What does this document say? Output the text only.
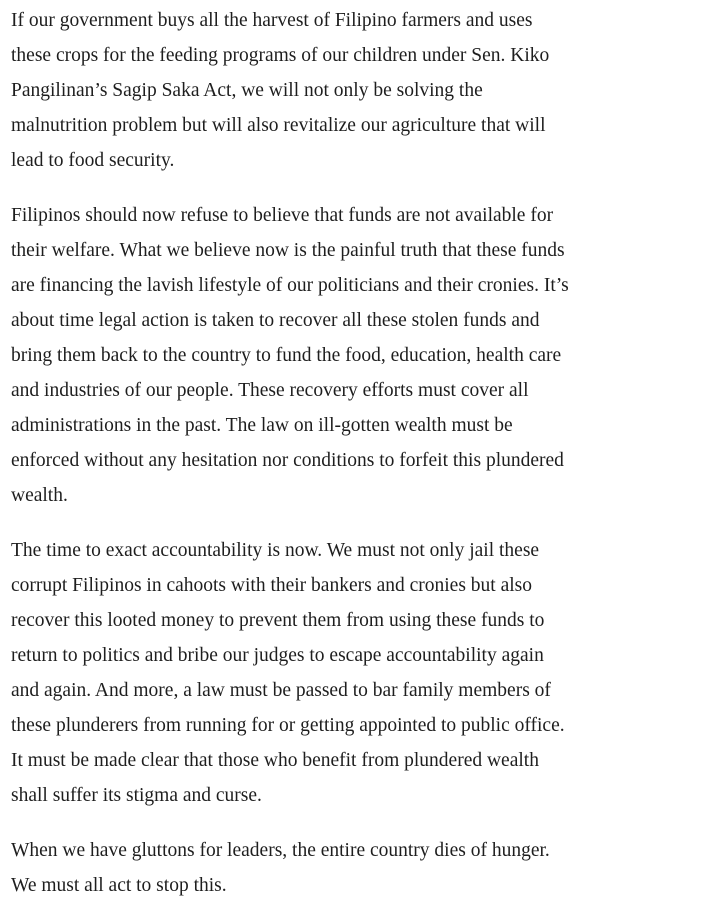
If our government buys all the harvest of Filipino farmers and uses
these crops for the feeding programs of our children under Sen. Kiko
Pangilinan’s Sagip Saka Act, we will not only be solving the
malnutrition problem but will also revitalize our agriculture that will
lead to food security.

Filipinos should now refuse to believe that funds are not available for
their welfare. What we believe now is the painful truth that these funds
are financing the lavish lifestyle of our politicians and their cronies. It’s
about time legal action is taken to recover all these stolen funds and
bring them back to the country to fund the food, education, health care
and industries of our people. These recovery efforts must cover all
administrations in the past. The law on ill-gotten wealth must be
enforced without any hesitation nor conditions to forfeit this plundered
wealth.

The time to exact accountability is now. We must not only jail these
corrupt Filipinos in cahoots with their bankers and cronies but also
recover this looted money to prevent them from using these funds to
return to politics and bribe our judges to escape accountability again
and again. And more, a law must be passed to bar family members of
these plunderers from running for or getting appointed to public office.
It must be made clear that those who benefit from plundered wealth
shall suffer its stigma and curse.

When we have gluttons for leaders, the entire country dies of hunger.
We must all act to stop this.
